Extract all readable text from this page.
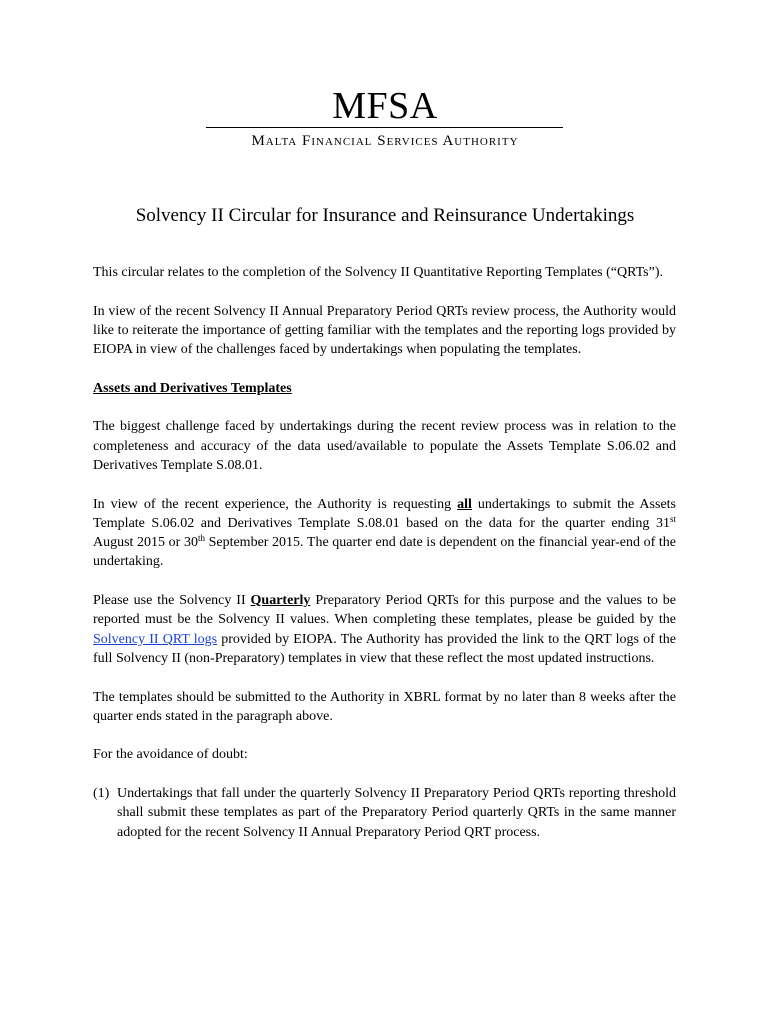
MFSA
Malta Financial Services Authority
Solvency II Circular for Insurance and Reinsurance Undertakings

This circular relates to the completion of the Solvency II Quantitative Reporting Templates (“QRTs”).

In view of the recent Solvency II Annual Preparatory Period QRTs review process, the Authority would like to reiterate the importance of getting familiar with the templates and the reporting logs provided by EIOPA in view of the challenges faced by undertakings when populating the templates.

Assets and Derivatives Templates

The biggest challenge faced by undertakings during the recent review process was in relation to the completeness and accuracy of the data used/available to populate the Assets Template S.06.02 and Derivatives Template S.08.01.

In view of the recent experience, the Authority is requesting all undertakings to submit the Assets Template S.06.02 and Derivatives Template S.08.01 based on the data for the quarter ending 31st August 2015 or 30th September 2015. The quarter end date is dependent on the financial year-end of the undertaking.

Please use the Solvency II Quarterly Preparatory Period QRTs for this purpose and the values to be reported must be the Solvency II values. When completing these templates, please be guided by the Solvency II QRT logs provided by EIOPA. The Authority has provided the link to the QRT logs of the full Solvency II (non-Preparatory) templates in view that these reflect the most updated instructions.

The templates should be submitted to the Authority in XBRL format by no later than 8 weeks after the quarter ends stated in the paragraph above.

For the avoidance of doubt:

(1) Undertakings that fall under the quarterly Solvency II Preparatory Period QRTs reporting threshold shall submit these templates as part of the Preparatory Period quarterly QRTs in the same manner adopted for the recent Solvency II Annual Preparatory Period QRT process.
